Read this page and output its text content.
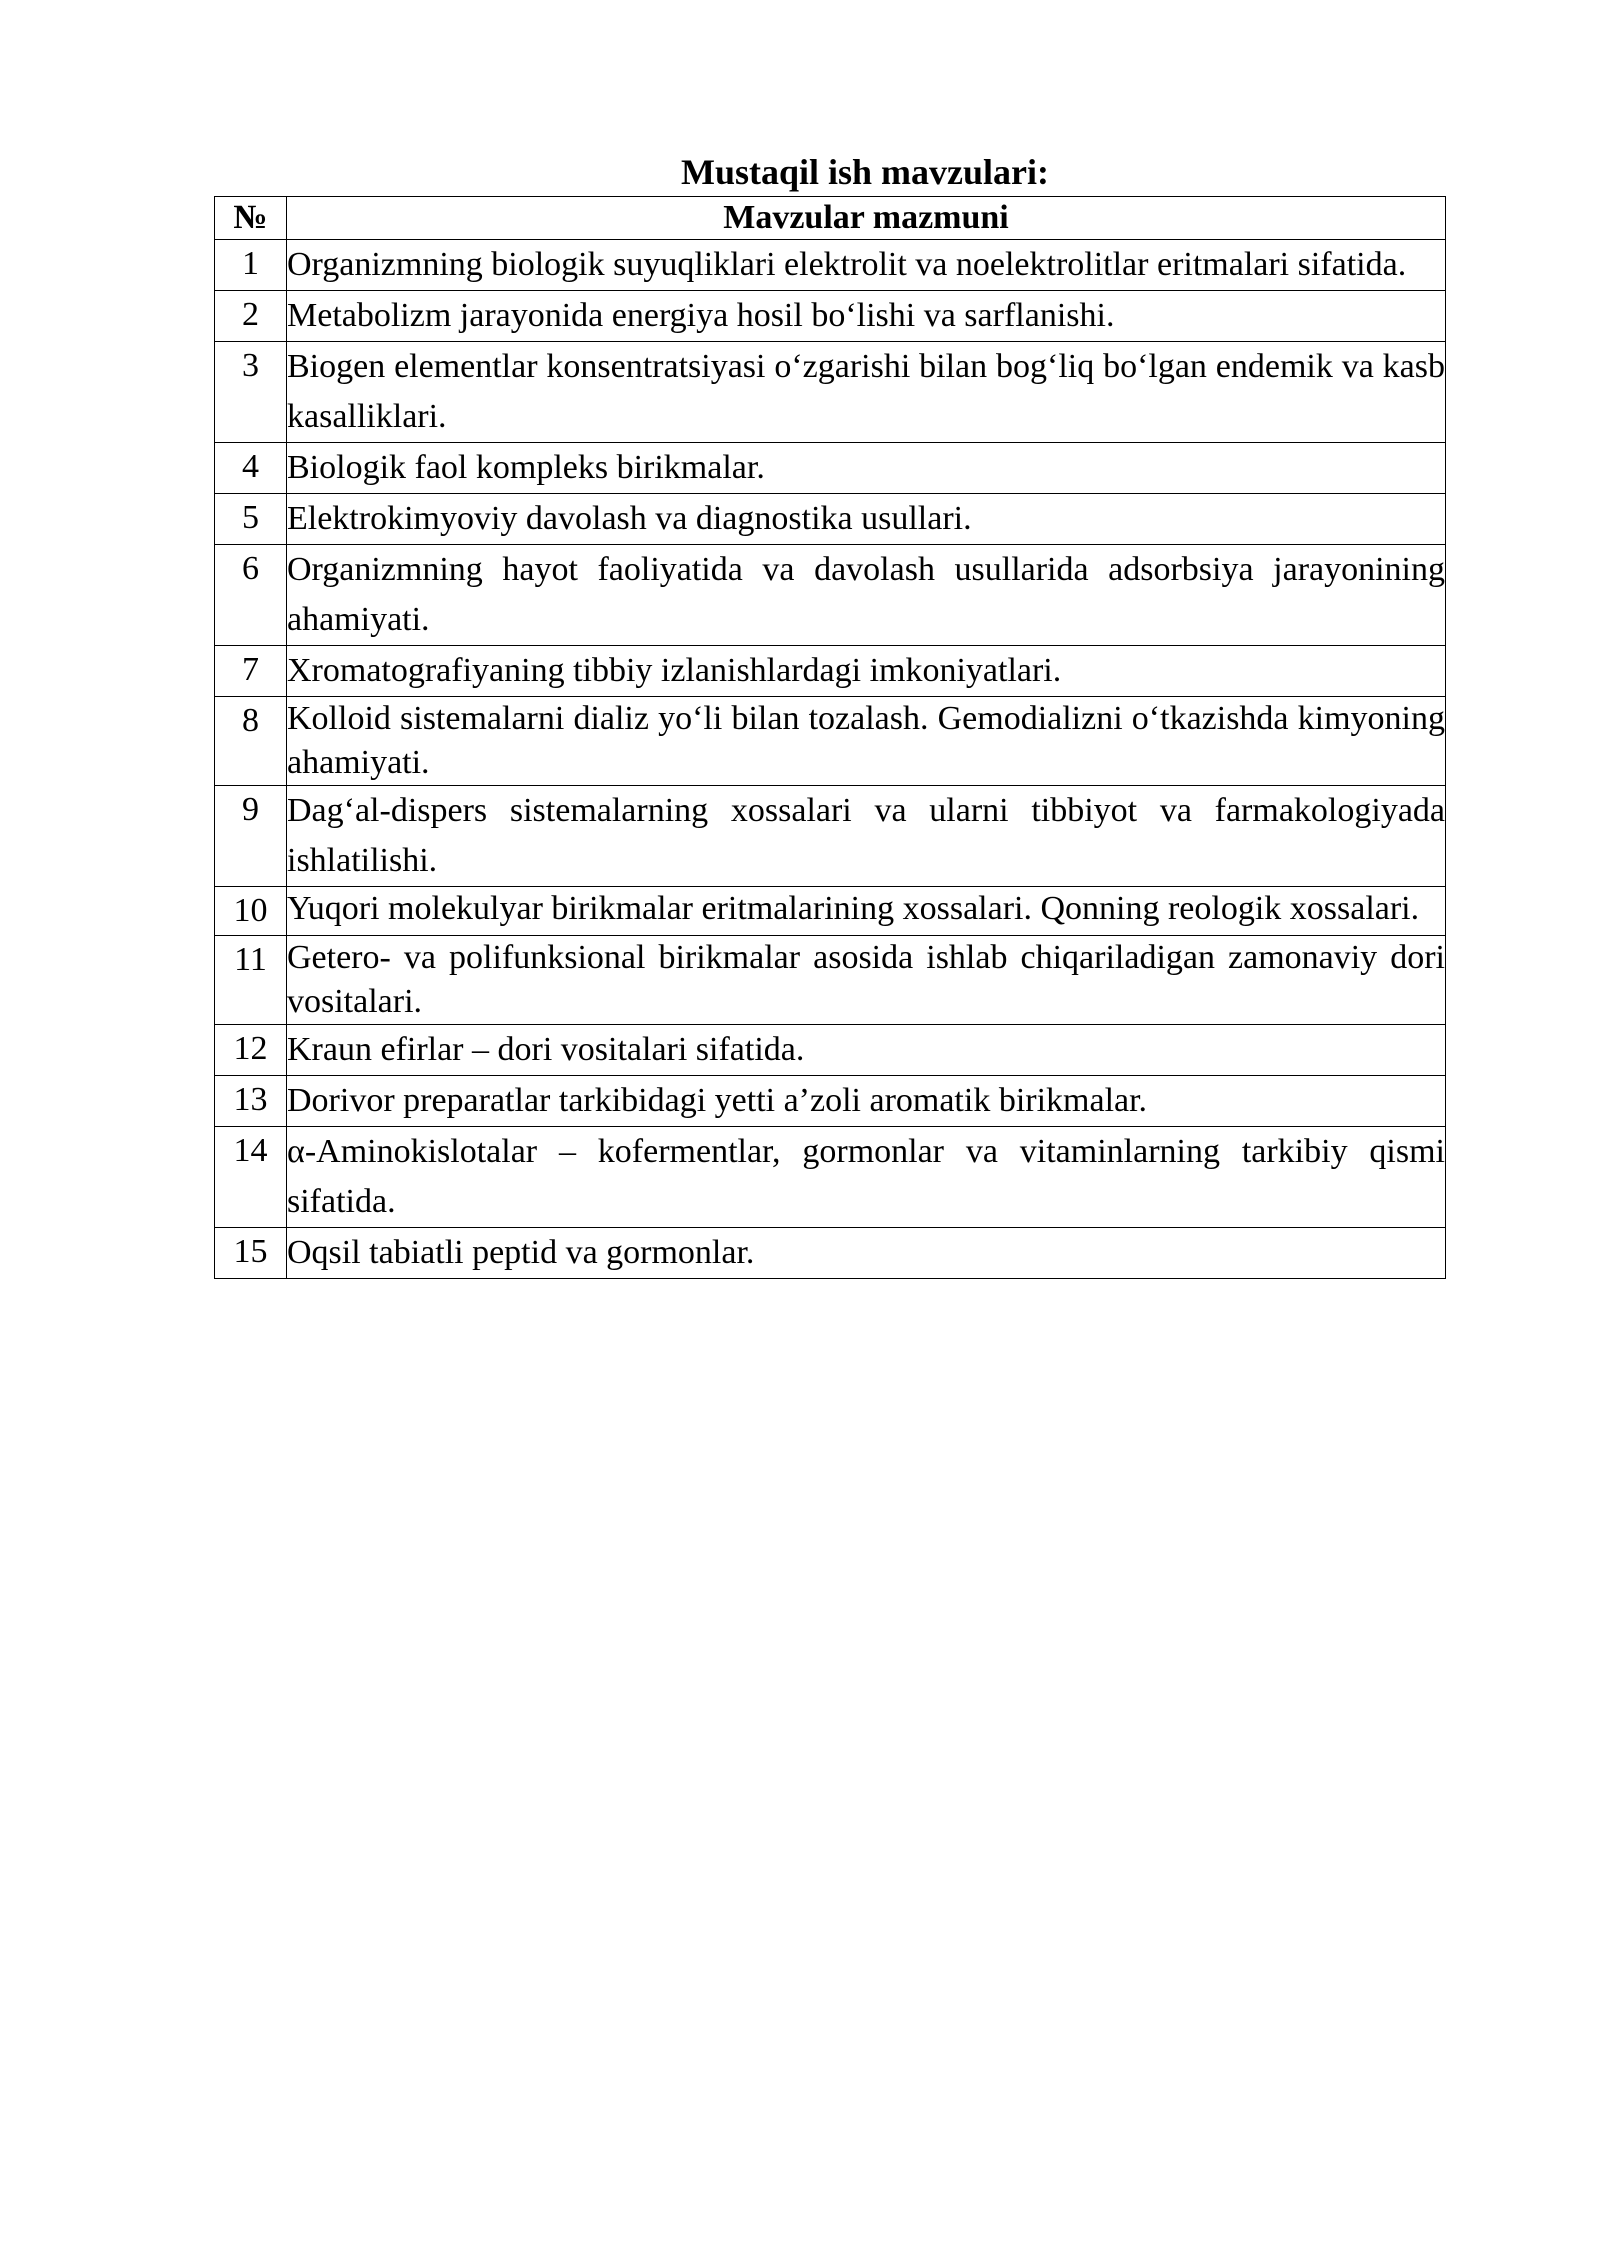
Mustaqil ish mavzulari:
№	Mavzular mazmuni
1	Organizmning biologik suyuqliklari elektrolit va noelektrolitlar eritmalari sifatida.
2	Metabolizm jarayonida energiya hosil bo‘lishi va sarflanishi.
3	Biogen elementlar konsentratsiyasi o‘zgarishi bilan bog‘liq bo‘lgan endemik va kasb kasalliklari.
4	Biologik faol kompleks birikmalar.
5	Elektrokimyoviy davolash va diagnostika usullari.
6	Organizmning hayot faoliyatida va davolash usullarida adsorbsiya jarayonining ahamiyati.
7	Xromatografiyaning tibbiy izlanishlardagi imkoniyatlari.
8	Kolloid sistemalarni dializ yo‘li bilan tozalash. Gemodializni o‘tkazishda kimyoning ahamiyati.
9	Dag‘al-dispers sistemalarning xossalari va ularni tibbiyot va farmakologiyada ishlatilishi.
10	Yuqori molekulyar birikmalar eritmalarining xossalari. Qonning reologik xossalari.
11	Getero- va polifunksional birikmalar asosida ishlab chiqariladigan zamonaviy dori vositalari.
12	Kraun efirlar – dori vositalari sifatida.
13	Dorivor preparatlar tarkibidagi yetti a’zoli aromatik birikmalar.
14	α-Aminokislotalar – kofermentlar, gormonlar va vitaminlarning tarkibiy qismi sifatida.
15	Oqsil tabiatli peptid va gormonlar.
